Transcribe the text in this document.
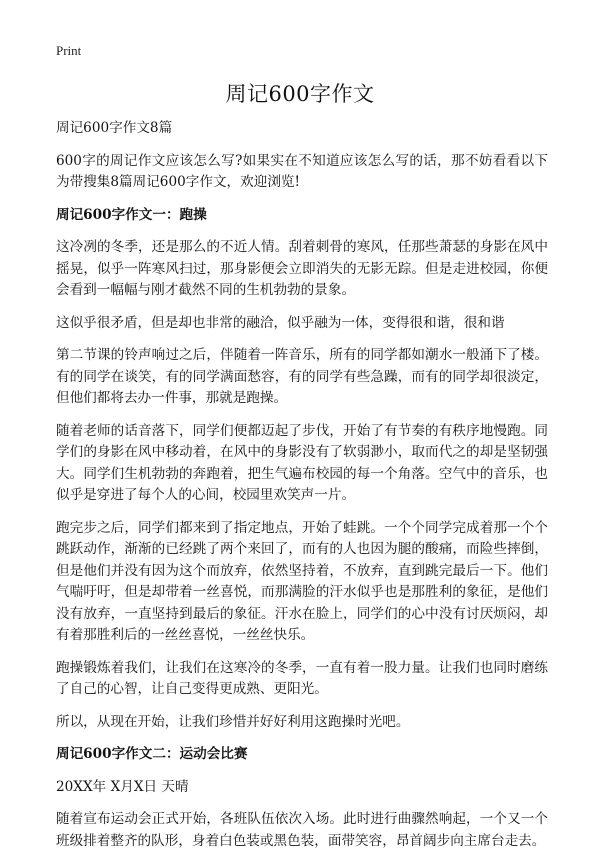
Print
周记600字作文

周记600字作文8篇

600字的周记作文应该怎么写?如果实在不知道应该怎么写的话，那不妨看看以下为带搜集8篇周记600字作文，欢迎浏览!

周记600字作文一：跑操

这冷冽的冬季，还是那么的不近人情。刮着刺骨的寒风，任那些萧瑟的身影在风中摇晃，似乎一阵寒风扫过，那身影便会立即消失的无影无踪。但是走进校园，你便会看到一幅幅与刚才截然不同的生机勃勃的景象。

这似乎很矛盾，但是却也非常的融洽，似乎融为一体，变得很和谐，很和谐

第二节课的铃声响过之后，伴随着一阵音乐，所有的同学都如潮水一般涌下了楼。有的同学在谈笑，有的同学满面愁容，有的同学有些急躁，而有的同学却很淡定，但他们都将去办一件事，那就是跑操。

随着老师的话音落下，同学们便都迈起了步伐，开始了有节奏的有秩序地慢跑。同学们的身影在风中移动着，在风中的身影没有了软弱渺小，取而代之的却是坚韧强大。同学们生机勃勃的奔跑着，把生气遍布校园的每一个角落。空气中的音乐，也似乎是穿进了每个人的心间，校园里欢笑声一片。

跑完步之后，同学们都来到了指定地点，开始了蛙跳。一个个同学完成着那一个个跳跃动作，渐渐的已经跳了两个来回了，而有的人也因为腿的酸痛，而险些摔倒，但是他们并没有因为这个而放弃，依然坚持着，不放弃，直到跳完最后一下。他们气喘吁吁，但是却带着一丝喜悦，而那满脸的汗水似乎也是那胜利的象征，是他们没有放弃，一直坚持到最后的象征。汗水在脸上，同学们的心中没有讨厌烦闷，却有着那胜利后的一丝丝喜悦，一丝丝快乐。

跑操锻炼着我们，让我们在这寒冷的冬季，一直有着一股力量。让我们也同时磨练了自己的心智，让自己变得更成熟、更阳光。

所以，从现在开始，让我们珍惜并好好利用这跑操时光吧。

周记600字作文二：运动会比赛

20XX年 X月X日 天晴

随着宣布运动会正式开始，各班队伍依次入场。此时进行曲骤然响起，一个又一个班级排着整齐的队形，身着白色装或黑色装，面带笑容，昂首阔步向主席台走去。
